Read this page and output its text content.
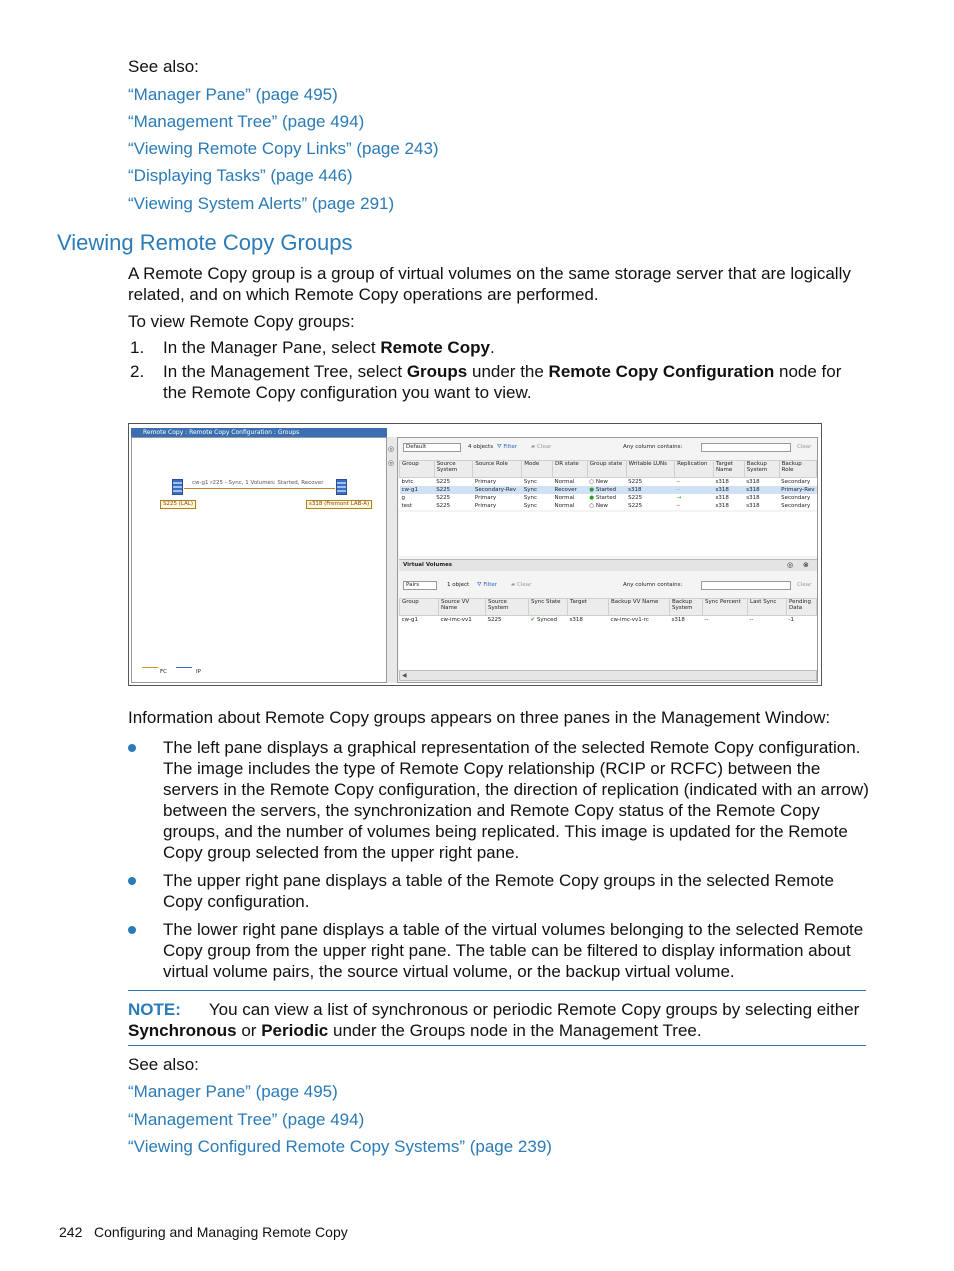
See also:
“Manager Pane” (page 495)
“Management Tree” (page 494)
“Viewing Remote Copy Links” (page 243)
“Displaying Tasks” (page 446)
“Viewing System Alerts” (page 291)
Viewing Remote Copy Groups
A Remote Copy group is a group of virtual volumes on the same storage server that are logically related, and on which Remote Copy operations are performed.
To view Remote Copy groups:
1. In the Manager Pane, select Remote Copy.
2. In the Management Tree, select Groups under the Remote Copy Configuration node for the Remote Copy configuration you want to view.
Remote Copy : Remote Copy Configuration : Groups
cw-g1 r225 - Sync, 1 Volumes: Started, Recover
S225 (LAL)	s318 (Fremont LAB-A)
FC	IP
◎
◎
Default	4 objects ⛛ Filter	▰ Clear	Any column contains:	Clear
Group	Source System	Source Role	Mode	DR state	Group state	Writable LUNs	Replication	Target Name	Backup System	Backup Role
bvtc	S225	Primary	Sync	Normal	○ New	S225	╌	s318	s318	Secondary
cw-g1	S225	Secondary-Rev	Sync	Recover	● Started	s318	╌	s318	s318	Primary-Rev
g	S225	Primary	Sync	Normal	● Started	S225	→	s318	s318	Secondary
test	S225	Primary	Sync	Normal	○ New	S225	╌	s318	s318	Secondary
Virtual Volumes	◎ ⊗
Pairs	1 object ⛛ Filter	▰ Clear	Any column contains:	Clear
Group	Source VV Name	Source System	Sync State	Target	Backup VV Name	Backup System	Sync Percent	Last Sync	Pending Data
cw-g1	cw-imc-vv1	S225	✔ Synced	s318	cw-imc-vv1-rc	s318	--	--	-1
◀
Information about Remote Copy groups appears on three panes in the Management Window:
The left pane displays a graphical representation of the selected Remote Copy configuration. The image includes the type of Remote Copy relationship (RCIP or RCFC) between the servers in the Remote Copy configuration, the direction of replication (indicated with an arrow) between the servers, the synchronization and Remote Copy status of the Remote Copy groups, and the number of volumes being replicated. This image is updated for the Remote Copy group selected from the upper right pane.
The upper right pane displays a table of the Remote Copy groups in the selected Remote Copy configuration.
The lower right pane displays a table of the virtual volumes belonging to the selected Remote Copy group from the upper right pane. The table can be filtered to display information about virtual volume pairs, the source virtual volume, or the backup virtual volume.
NOTE: You can view a list of synchronous or periodic Remote Copy groups by selecting either Synchronous or Periodic under the Groups node in the Management Tree.
See also:
“Manager Pane” (page 495)
“Management Tree” (page 494)
“Viewing Configured Remote Copy Systems” (page 239)
242 Configuring and Managing Remote Copy
